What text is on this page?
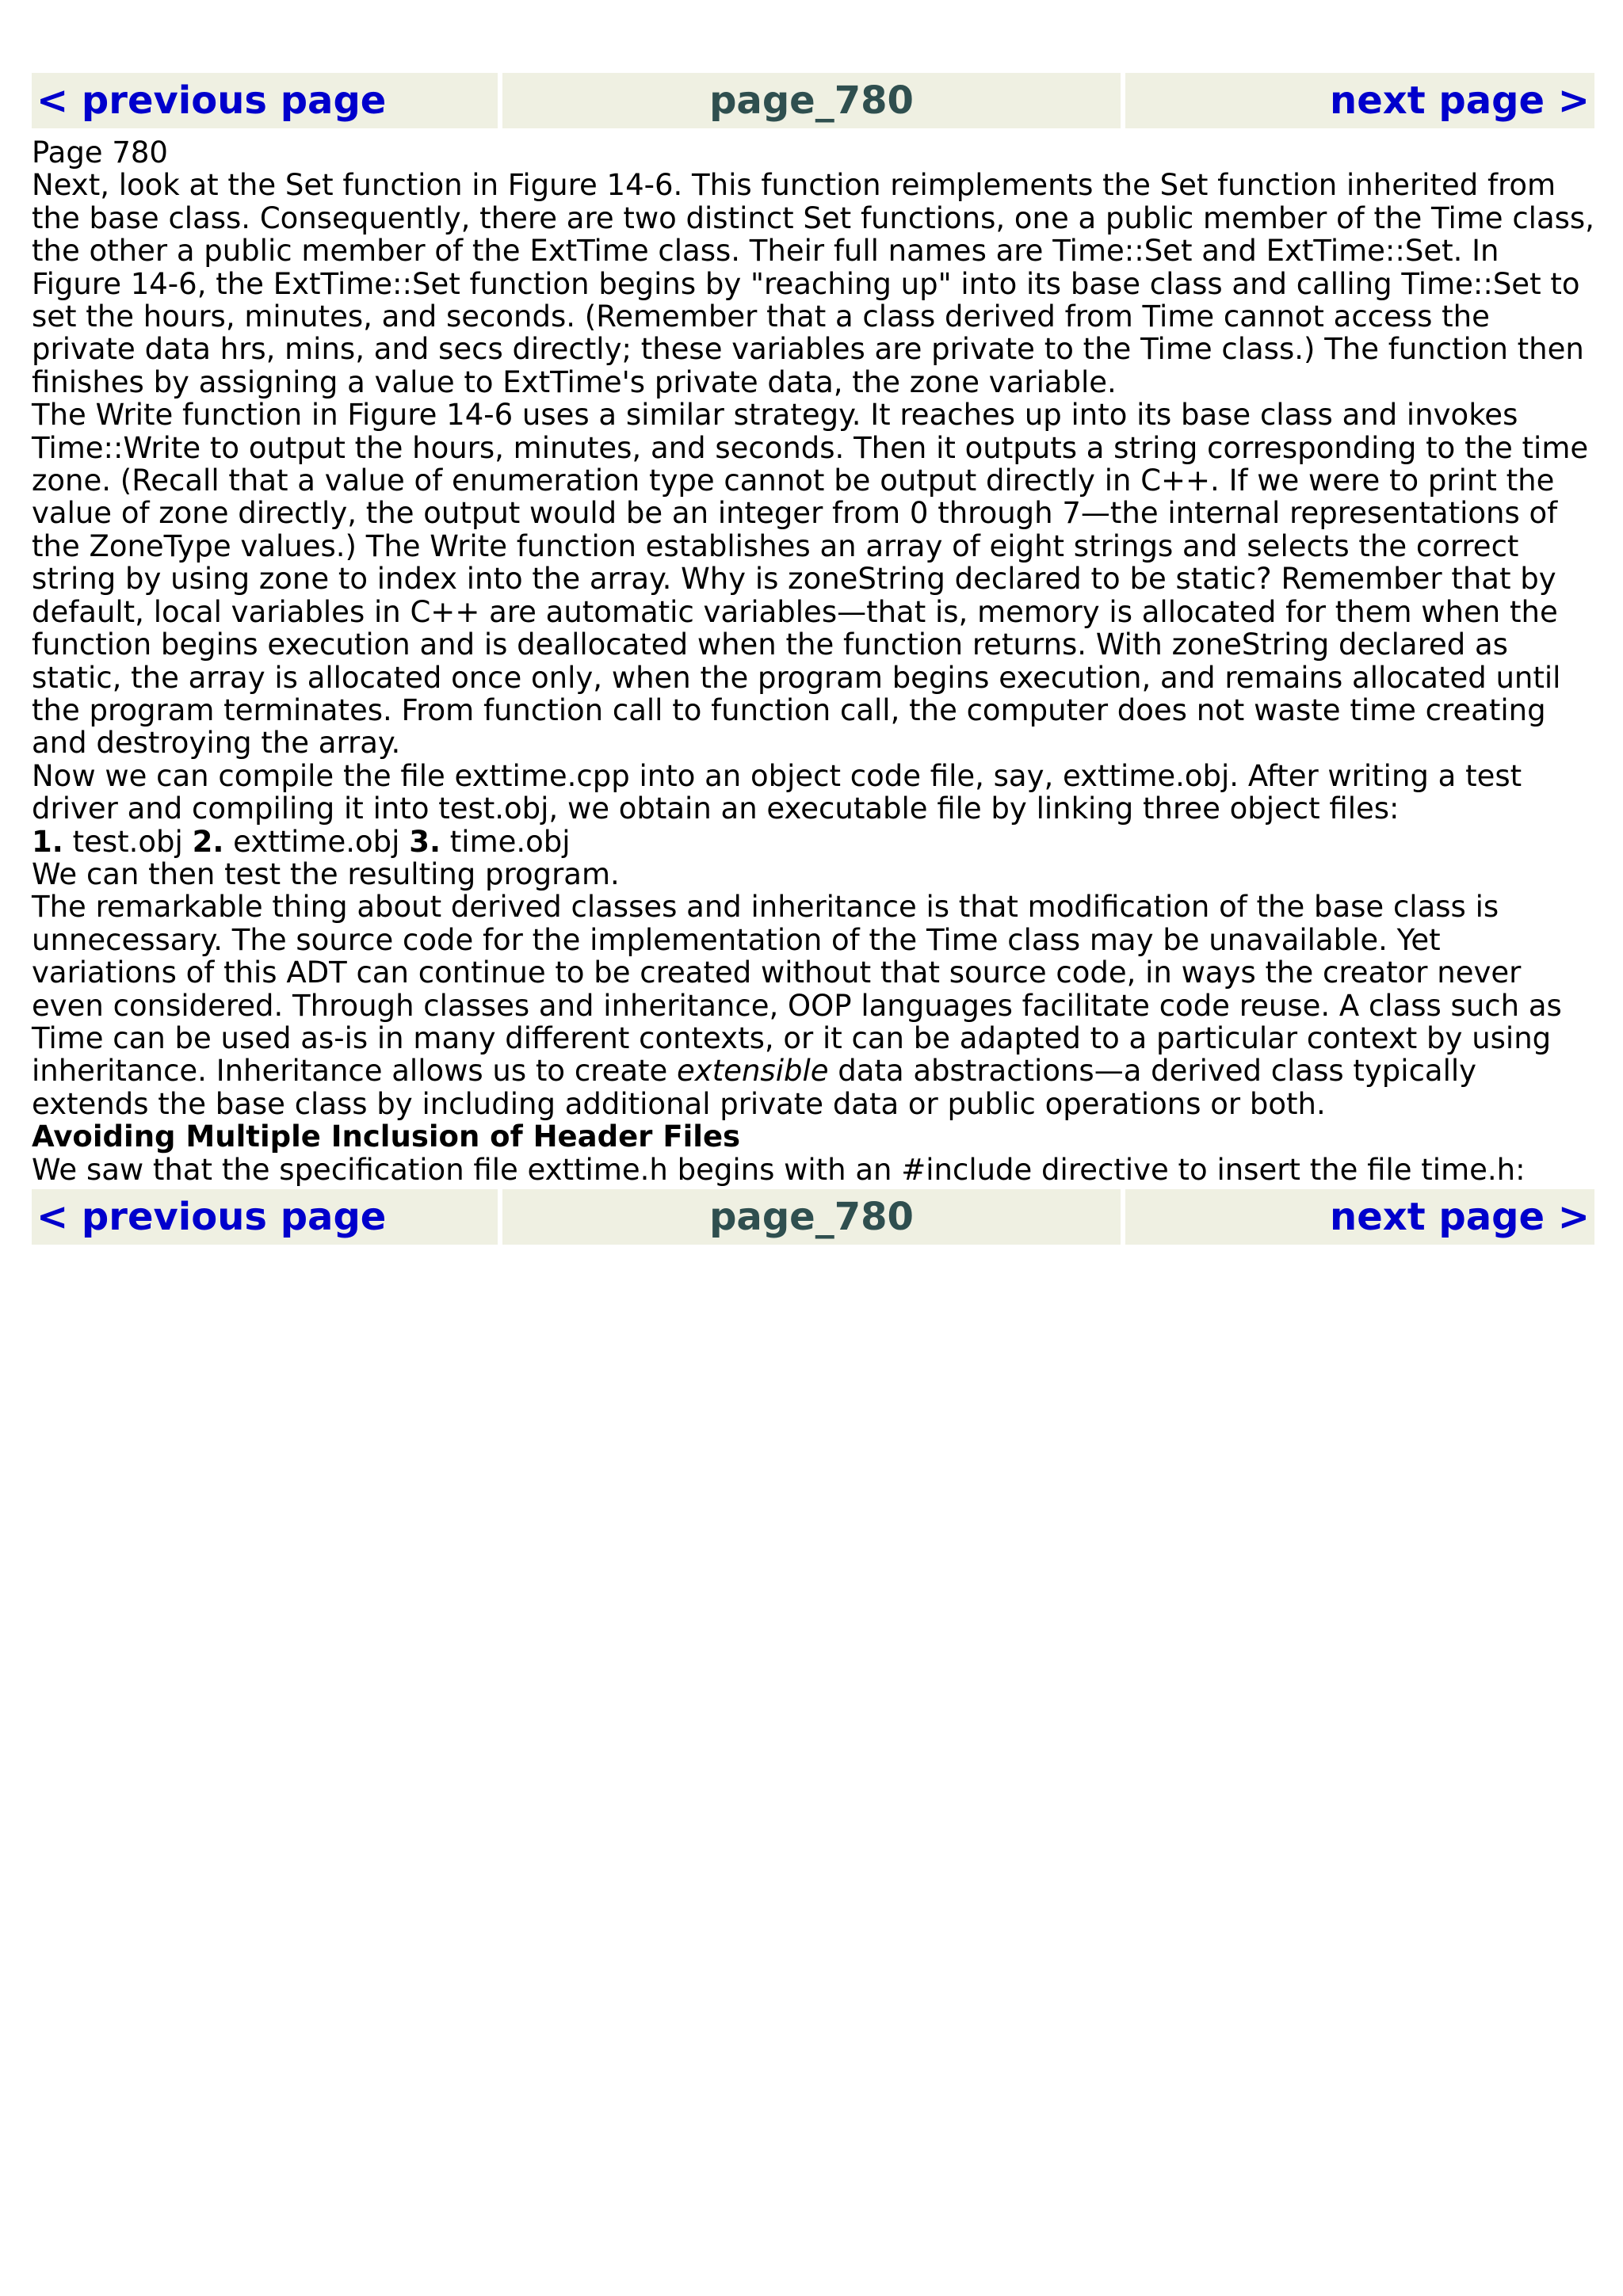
< previous page	page_780	next page >

Page 780

Next, look at the Set function in Figure 14-6. This function reimplements the Set function inherited from the base class. Consequently, there are two distinct Set functions, one a public member of the Time class, the other a public member of the ExtTime class. Their full names are Time::Set and ExtTime::Set. In Figure 14-6, the ExtTime::Set function begins by "reaching up" into its base class and calling Time::Set to set the hours, minutes, and seconds. (Remember that a class derived from Time cannot access the private data hrs, mins, and secs directly; these variables are private to the Time class.) The function then finishes by assigning a value to ExtTime's private data, the zone variable.

The Write function in Figure 14-6 uses a similar strategy. It reaches up into its base class and invokes Time::Write to output the hours, minutes, and seconds. Then it outputs a string corresponding to the time zone. (Recall that a value of enumeration type cannot be output directly in C++. If we were to print the value of zone directly, the output would be an integer from 0 through 7—the internal representations of the ZoneType values.) The Write function establishes an array of eight strings and selects the correct string by using zone to index into the array. Why is zoneString declared to be static? Remember that by default, local variables in C++ are automatic variables—that is, memory is allocated for them when the function begins execution and is deallocated when the function returns. With zoneString declared as static, the array is allocated once only, when the program begins execution, and remains allocated until the program terminates. From function call to function call, the computer does not waste time creating and destroying the array.

Now we can compile the file exttime.cpp into an object code file, say, exttime.obj. After writing a test driver and compiling it into test.obj, we obtain an executable file by linking three object files:

1. test.obj 2. exttime.obj 3. time.obj

We can then test the resulting program.

The remarkable thing about derived classes and inheritance is that modification of the base class is unnecessary. The source code for the implementation of the Time class may be unavailable. Yet variations of this ADT can continue to be created without that source code, in ways the creator never even considered. Through classes and inheritance, OOP languages facilitate code reuse. A class such as Time can be used as-is in many different contexts, or it can be adapted to a particular context by using inheritance. Inheritance allows us to create extensible data abstractions—a derived class typically extends the base class by including additional private data or public operations or both.

Avoiding Multiple Inclusion of Header Files

We saw that the specification file exttime.h begins with an #include directive to insert the file time.h:

< previous page	page_780	next page >
